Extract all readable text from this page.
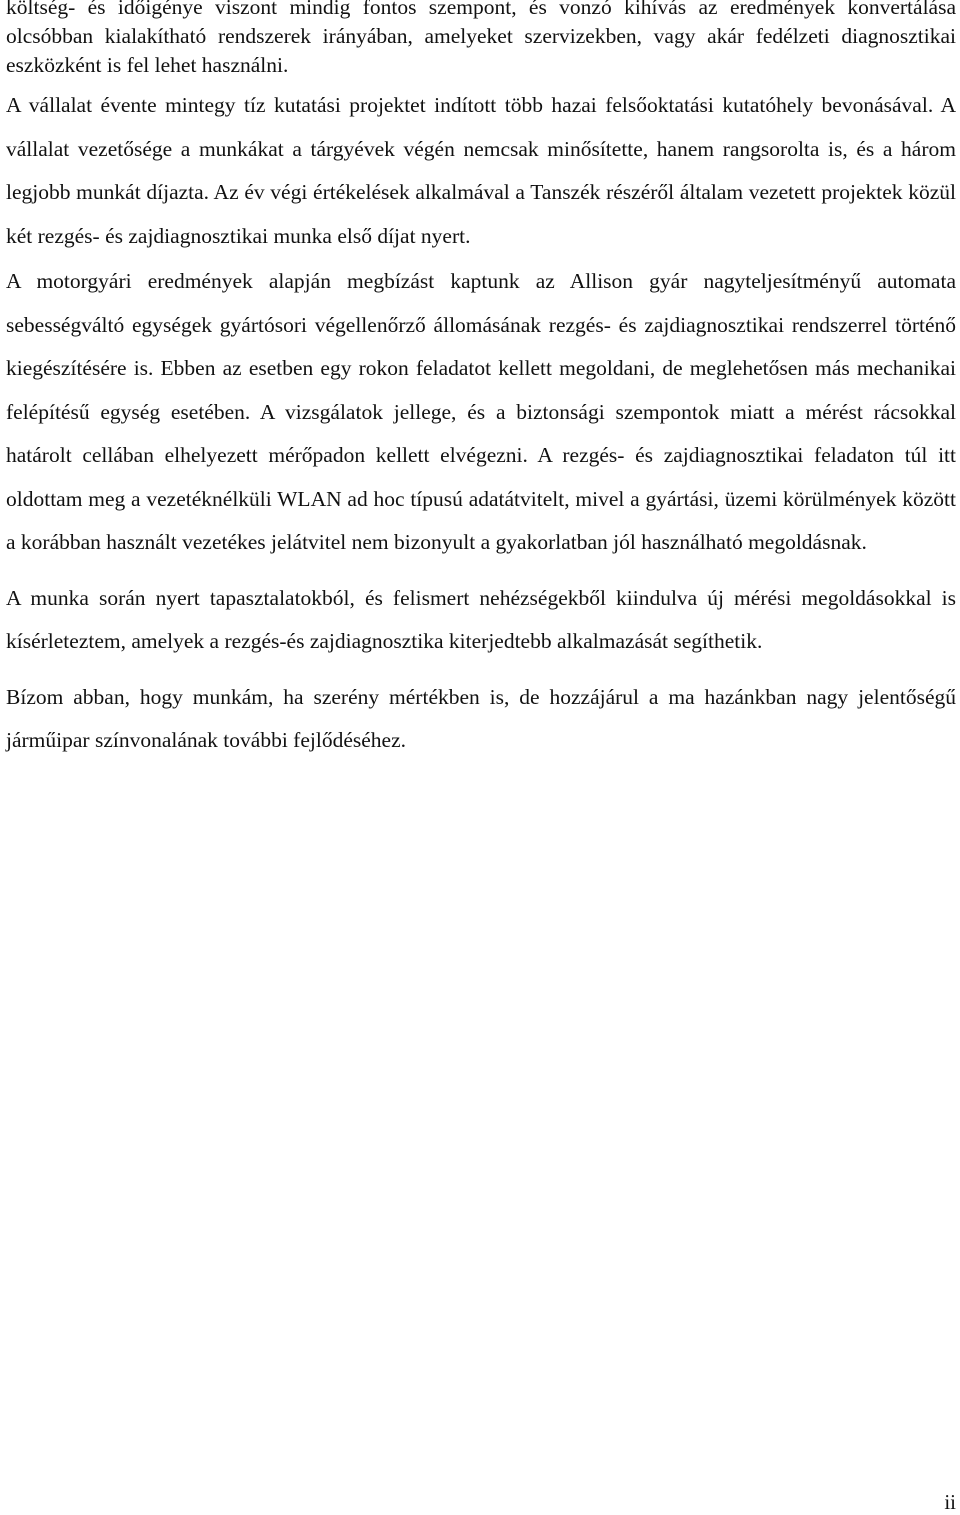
költség- és időigénye viszont mindig fontos szempont, és vonzó kihívás az eredmények konvertálása olcsóbban kialakítható rendszerek irányában, amelyeket szervizekben, vagy akár fedélzeti diagnosztikai eszközként is fel lehet használni.

A vállalat évente mintegy tíz kutatási projektet indított több hazai felsőoktatási kutatóhely bevonásával. A vállalat vezetősége a munkákat a tárgyévek végén nemcsak minősítette, hanem rangsorolta is, és a három legjobb munkát díjazta. Az év végi értékelések alkalmával a Tanszék részéről általam vezetett projektek közül két rezgés- és zajdiagnosztikai munka első díjat nyert.

A motorgyári eredmények alapján megbízást kaptunk az Allison gyár nagyteljesítményű automata sebességváltó egységek gyártósori végellenőrző állomásának rezgés- és zajdiagnosztikai rendszerrel történő kiegészítésére is. Ebben az esetben egy rokon feladatot kellett megoldani, de meglehetősen más mechanikai felépítésű egység esetében. A vizsgálatok jellege, és a biztonsági szempontok miatt a mérést rácsokkal határolt cellában elhelyezett mérőpadon kellett elvégezni. A rezgés- és zajdiagnosztikai feladaton túl itt oldottam meg a vezetéknélküli WLAN ad hoc típusú adatátvitelt, mivel a gyártási, üzemi körülmények között a korábban használt vezetékes jelátvitel nem bizonyult a gyakorlatban jól használható megoldásnak.

A munka során nyert tapasztalatokból, és felismert nehézségekből kiindulva új mérési megoldásokkal is kísérleteztem, amelyek a rezgés-és zajdiagnosztika kiterjedtebb alkalmazását segíthetik.

Bízom abban, hogy munkám, ha szerény mértékben is, de hozzájárul a ma hazánkban nagy jelentőségű járműipar színvonalának további fejlődéséhez.

ii
